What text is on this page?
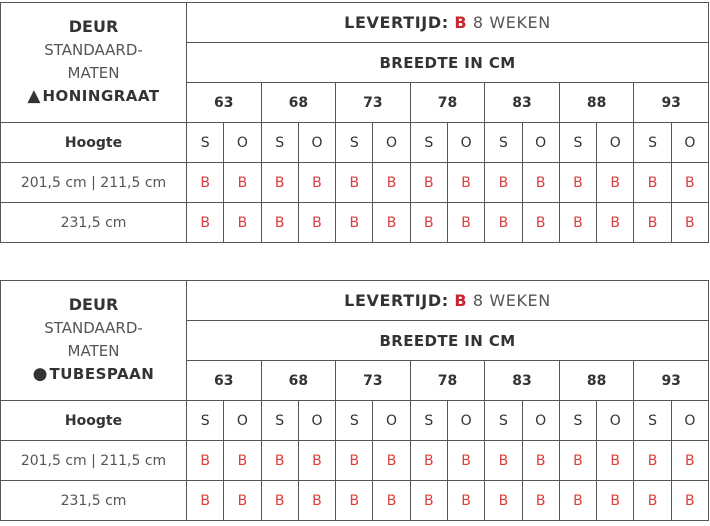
DEUR
STANDAARD-
MATEN
▲ HONINGRAAT	LEVERTIJD: B 8 WEKEN													
	BREEDTE IN CM													
	63		68		73		78		83		88		93	
Hoogte	S	O	S	O	S	O	S	O	S	O	S	O	S	O
201,5 cm | 211,5 cm	B	B	B	B	B	B	B	B	B	B	B	B	B	B
231,5 cm	B	B	B	B	B	B	B	B	B	B	B	B	B	B
DEUR
STANDAARD-
MATEN
● TUBESPAAN	LEVERTIJD: B 8 WEKEN													
	BREEDTE IN CM													
	63		68		73		78		83		88		93	
Hoogte	S	O	S	O	S	O	S	O	S	O	S	O	S	O
201,5 cm | 211,5 cm	B	B	B	B	B	B	B	B	B	B	B	B	B	B
231,5 cm	B	B	B	B	B	B	B	B	B	B	B	B	B	B
